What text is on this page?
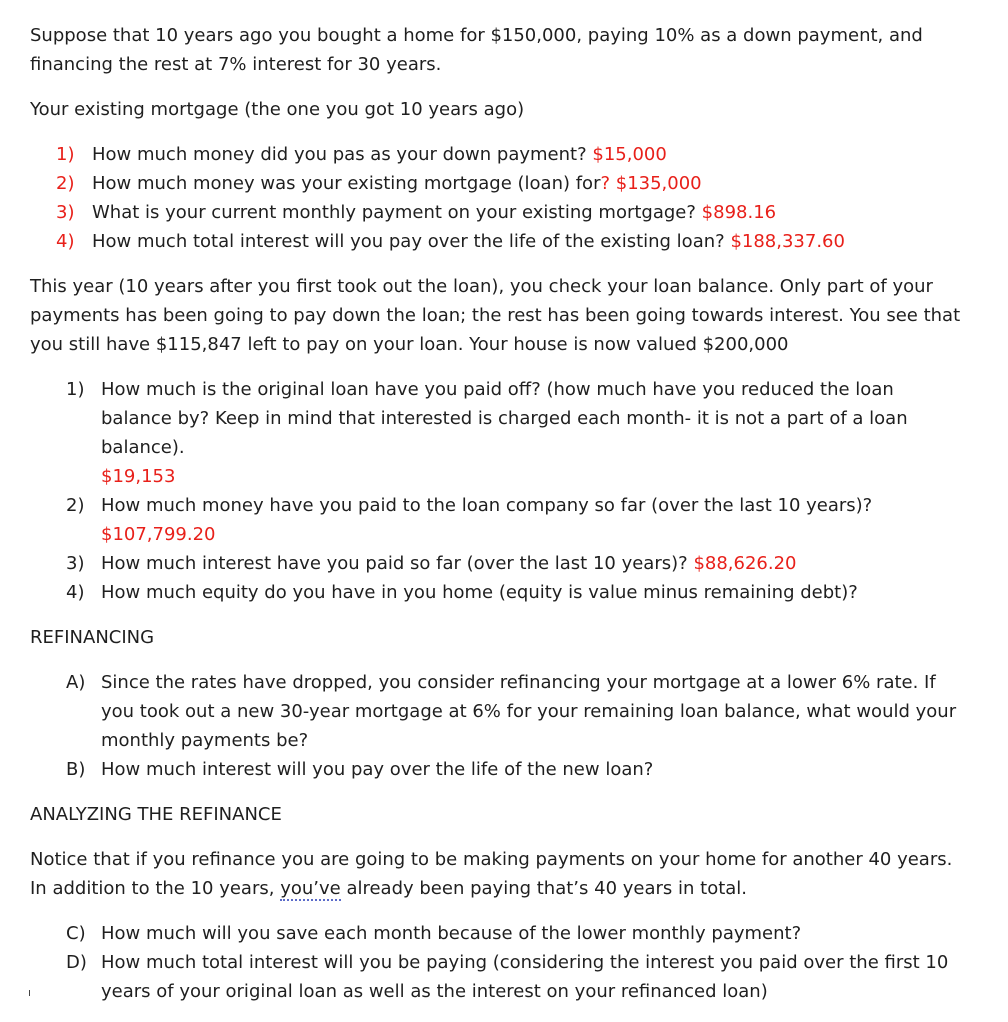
Suppose that 10 years ago you bought a home for $150,000, paying 10% as a down payment, and financing the rest at 7% interest for 30 years.

Your existing mortgage (the one you got 10 years ago)

1) How much money did you pas as your down payment? $15,000
2) How much money was your existing mortgage (loan) for? $135,000
3) What is your current monthly payment on your existing mortgage? $898.16
4) How much total interest will you pay over the life of the existing loan? $188,337.60

This year (10 years after you first took out the loan), you check your loan balance. Only part of your payments has been going to pay down the loan; the rest has been going towards interest. You see that you still have $115,847 left to pay on your loan. Your house is now valued $200,000

1) How much is the original loan have you paid off? (how much have you reduced the loan balance by? Keep in mind that interested is charged each month- it is not a part of a loan balance).
$19,153
2) How much money have you paid to the loan company so far (over the last 10 years)?
$107,799.20
3) How much interest have you paid so far (over the last 10 years)? $88,626.20
4) How much equity do you have in you home (equity is value minus remaining debt)?

REFINANCING

A) Since the rates have dropped, you consider refinancing your mortgage at a lower 6% rate. If you took out a new 30-year mortgage at 6% for your remaining loan balance, what would your monthly payments be?
B) How much interest will you pay over the life of the new loan?

ANALYZING THE REFINANCE

Notice that if you refinance you are going to be making payments on your home for another 40 years. In addition to the 10 years, you’ve already been paying that’s 40 years in total.

C) How much will you save each month because of the lower monthly payment?
D) How much total interest will you be paying (considering the interest you paid over the first 10 years of your original loan as well as the interest on your refinanced loan)
